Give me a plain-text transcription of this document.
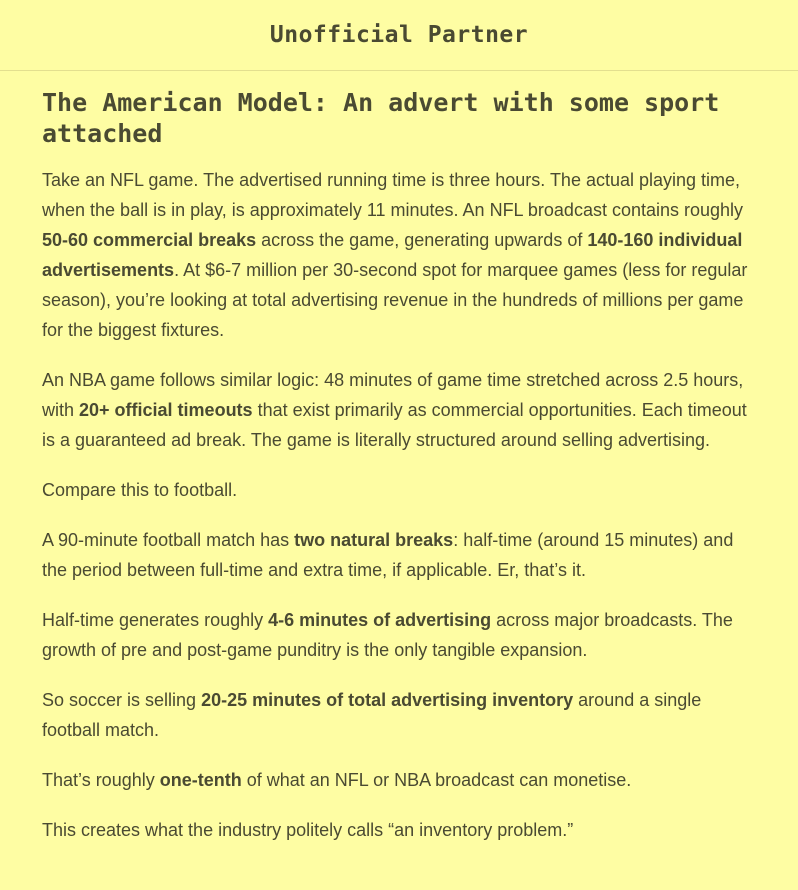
Unofficial Partner
The American Model: An advert with some sport attached

Take an NFL game. The advertised running time is three hours. The actual playing time, when the ball is in play, is approximately 11 minutes. An NFL broadcast contains roughly 50-60 commercial breaks across the game, generating upwards of 140-160 individual advertisements. At $6-7 million per 30-second spot for marquee games (less for regular season), you’re looking at total advertising revenue in the hundreds of millions per game for the biggest fixtures.

An NBA game follows similar logic: 48 minutes of game time stretched across 2.5 hours, with 20+ official timeouts that exist primarily as commercial opportunities. Each timeout is a guaranteed ad break. The game is literally structured around selling advertising.

Compare this to football.

A 90-minute football match has two natural breaks: half-time (around 15 minutes) and the period between full-time and extra time, if applicable. Er, that’s it.

Half-time generates roughly 4-6 minutes of advertising across major broadcasts. The growth of pre and post-game punditry is the only tangible expansion.

So soccer is selling 20-25 minutes of total advertising inventory around a single football match.

That’s roughly one-tenth of what an NFL or NBA broadcast can monetise.

This creates what the industry politely calls “an inventory problem.”
